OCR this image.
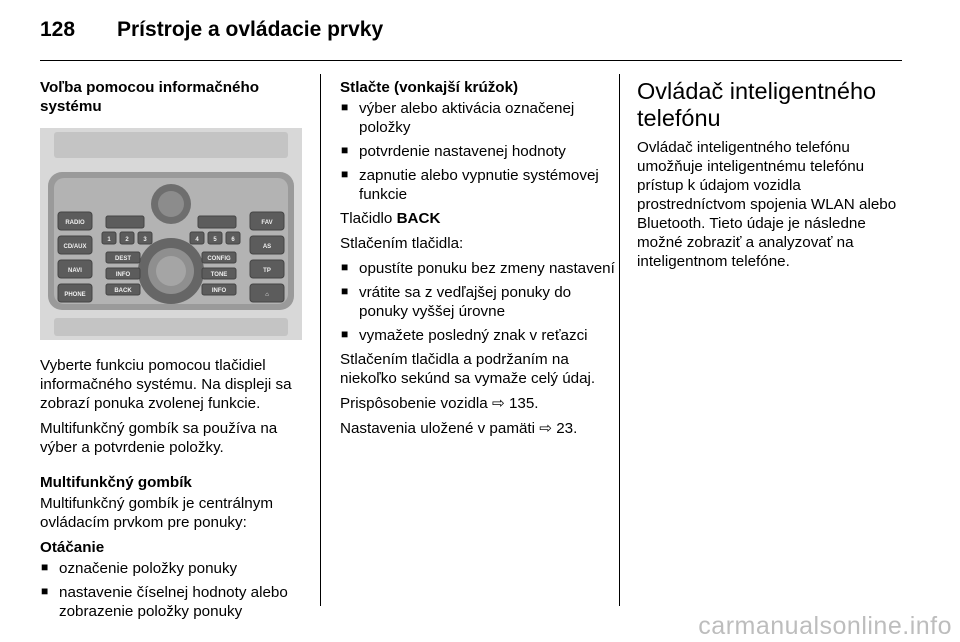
128 Prístroje a ovládacie prvky

Voľba pomocou informačného systému

RADIO
CD/AUX
NAVI
PHONE
FAV
AS
TP
⌂
1 2 3	4 5 6
DEST
INFO
BACK
CONFIG
TONE
INFO

Vyberte funkciu pomocou tlačidiel informačného systému. Na displeji sa zobrazí ponuka zvolenej funkcie.

Multifunkčný gombík sa používa na výber a potvrdenie položky.

Multifunkčný gombík

Multifunkčný gombík je centrálnym ovládacím prvkom pre ponuky:

Otáčanie

■ označenie položky ponuky
■ nastavenie číselnej hodnoty alebo zobrazenie položky ponuky

Stlačte (vonkajší krúžok)

■ výber alebo aktivácia označenej položky
■ potvrdenie nastavenej hodnoty
■ zapnutie alebo vypnutie systémovej funkcie

Tlačidlo BACK

Stlačením tlačidla:

■ opustíte ponuku bez zmeny nastavení
■ vrátite sa z vedľajšej ponuky do ponuky vyššej úrovne
■ vymažete posledný znak v reťazci

Stlačením tlačidla a podržaním na niekoľko sekúnd sa vymaže celý údaj.

Prispôsobenie vozidla ⇨ 135.

Nastavenia uložené v pamäti ⇨ 23.

Ovládač inteligentného telefónu

Ovládač inteligentného telefónu umožňuje inteligentnému telefónu prístup k údajom vozidla prostredníctvom spojenia WLAN alebo Bluetooth. Tieto údaje je následne možné zobraziť a analyzovať na inteligentnom telefóne.

carmanualsonline.info
